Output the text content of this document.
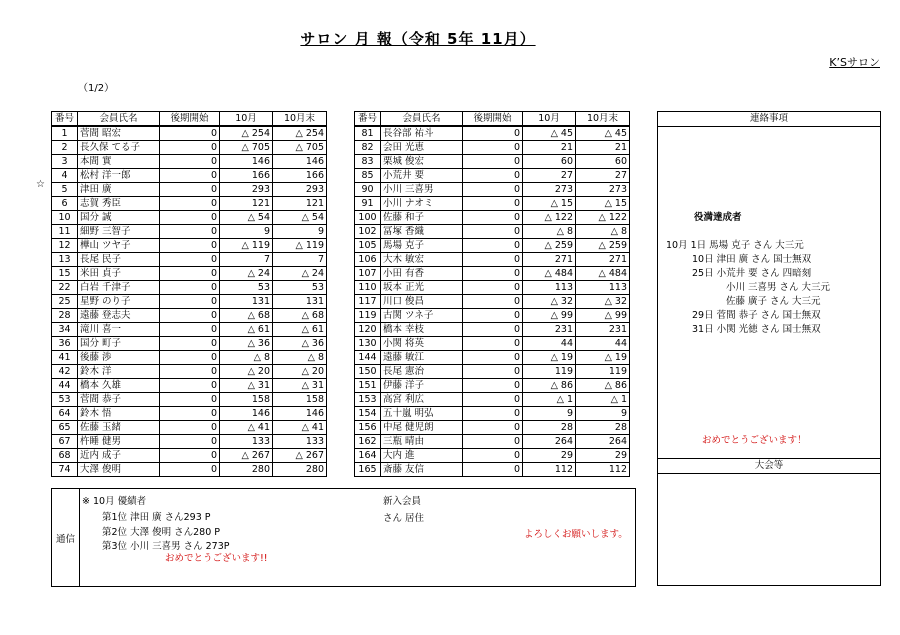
サロン 月 報（令和 5年 11月）
K’Sサロン
（1/2）
☆
番号	会員氏名	後期開始	10月	10月末
1	菅間 昭宏	0	△ 254	△ 254
2	長久保 てる子	0	△ 705	△ 705
3	本間 實	0	146	146
4	松村 洋一郎	0	166	166
5	津田 廣	0	293	293
6	志賀 秀臣	0	121	121
10	国分 誠	0	△ 54	△ 54
11	細野 三智子	0	9	9
12	樺山 ツヤ子	0	△ 119	△ 119
13	長尾 民子	0	7	7
15	米田 貞子	0	△ 24	△ 24
22	白岩 千津子	0	53	53
25	星野 のり子	0	131	131
28	遠藤 登志夫	0	△ 68	△ 68
34	滝川 喜一	0	△ 61	△ 61
36	国分 町子	0	△ 36	△ 36
41	後藤 渉	0	△ 8	△ 8
42	鈴木 洋	0	△ 20	△ 20
44	橋本 久雄	0	△ 31	△ 31
53	菅間 恭子	0	158	158
64	鈴木 悟	0	146	146
65	佐藤 玉緒	0	△ 41	△ 41
67	杵睡 健男	0	133	133
68	近内 成子	0	△ 267	△ 267
74	大澤 俊明	0	280	280
番号	会員氏名	後期開始	10月	10月末
81	長谷部 祐斗	0	△ 45	△ 45
82	会田 光恵	0	21	21
83	栗城 俊宏	0	60	60
85	小荒井 要	0	27	27
90	小川 三喜男	0	273	273
91	小川 ナオミ	0	△ 15	△ 15
100	佐藤 和子	0	△ 122	△ 122
102	冨塚 香織	0	△ 8	△ 8
105	馬場 克子	0	△ 259	△ 259
106	大木 敏宏	0	271	271
107	小田 有香	0	△ 484	△ 484
110	坂本 正光	0	113	113
117	川口 俊昌	0	△ 32	△ 32
119	古関 ツネ子	0	△ 99	△ 99
120	橋本 幸枝	0	231	231
130	小関 将英	0	44	44
144	遠藤 敏江	0	△ 19	△ 19
150	長尾 憲治	0	119	119
151	伊藤 洋子	0	△ 86	△ 86
153	高宮 利広	0	△ 1	△ 1
154	五十嵐 明弘	0	9	9
156	中尾 健児朗	0	28	28
162	三瓶 晴由	0	264	264
164	大内 進	0	29	29
165	斎藤 友信	0	112	112
連絡事項
役満達成者
10月 1日 馬場 克子 さん 大三元
10日 津田 廣 さん 国士無双
25日 小荒井 要 さん 四暗刻
小川 三喜男 さん 大三元
佐藤 廣子 さん 大三元
29日 菅間 恭子 さん 国士無双
31日 小関 光徳 さん 国士無双
おめでとうございます！
大会等
通信
※ 10月 優績者
第1位 津田 廣 さん293 P
第2位 大澤 俊明 さん280 P
第3位 小川 三喜男 さん 273P
おめでとうございます!!
新入会員
さん 居住
よろしくお願いします。
